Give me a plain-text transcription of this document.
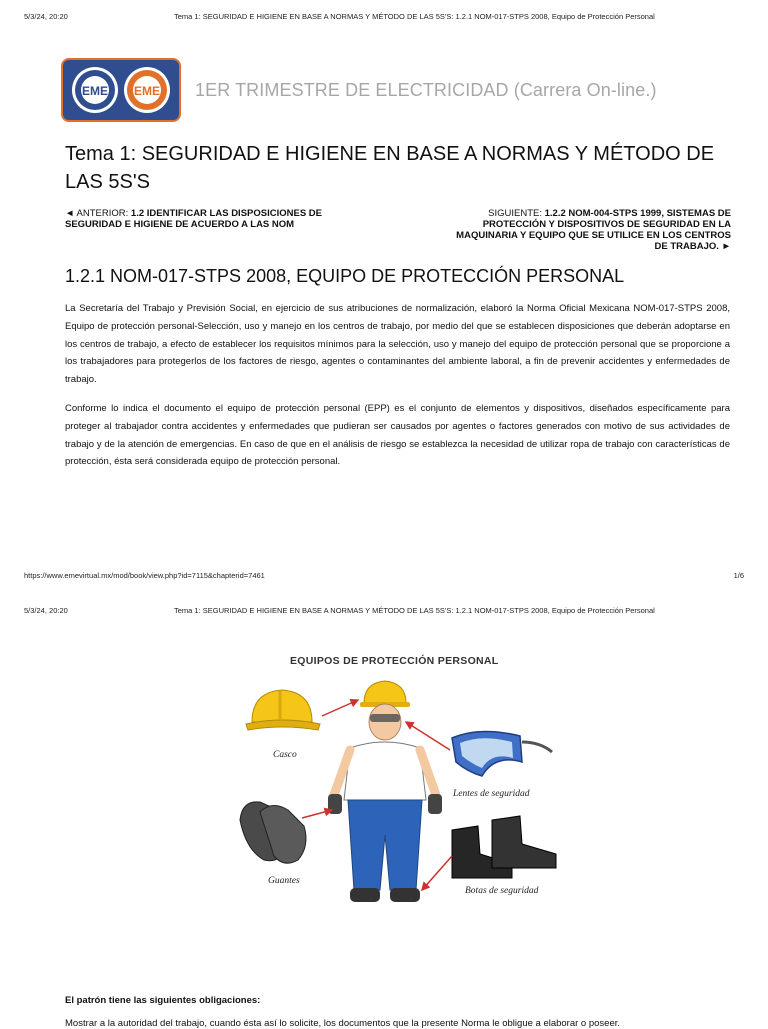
5/3/24, 20:20	Tema 1: SEGURIDAD E HIGIENE EN BASE A NORMAS Y MÉTODO DE LAS 5S'S: 1.2.1 NOM-017-STPS 2008, Equipo de Protección Personal
EME EME 1ER TRIMESTRE DE ELECTRICIDAD (Carrera On-line.)
Tema 1: SEGURIDAD E HIGIENE EN BASE A NORMAS Y MÉTODO DE LAS 5S'S
◄ ANTERIOR: 1.2 IDENTIFICAR LAS DISPOSICIONES DE SEGURIDAD E HIGIENE DE ACUERDO A LAS NOM
SIGUIENTE: 1.2.2 NOM-004-STPS 1999, SISTEMAS DE PROTECCIÓN Y DISPOSITIVOS DE SEGURIDAD EN LA MAQUINARIA Y EQUIPO QUE SE UTILICE EN LOS CENTROS DE TRABAJO. ►
1.2.1 NOM-017-STPS 2008, EQUIPO DE PROTECCIÓN PERSONAL

La Secretaría del Trabajo y Previsión Social, en ejercicio de sus atribuciones de normalización, elaboró la Norma Oficial Mexicana NOM-017-STPS 2008, Equipo de protección personal-Selección, uso y manejo en los centros de trabajo, por medio del que se establecen disposiciones que deberán adoptarse en los centros de trabajo, a efecto de establecer los requisitos mínimos para la selección, uso y manejo del equipo de protección personal que se proporcione a los trabajadores para protegerlos de los factores de riesgo, agentes o contaminantes del ambiente laboral, a fin de prevenir accidentes y enfermedades de trabajo.

Conforme lo indica el documento el equipo de protección personal (EPP) es el conjunto de elementos y dispositivos, diseñados específicamente para proteger al trabajador contra accidentes y enfermedades que pudieran ser causados por agentes o factores generados con motivo de sus actividades de trabajo y de la atención de emergencias. En caso de que en el análisis de riesgo se establezca la necesidad de utilizar ropa de trabajo con características de protección, ésta será considerada equipo de protección personal.

https://www.emevirtual.mx/mod/book/view.php?id=7115&chapterid=7461	1/6
5/3/24, 20:20	Tema 1: SEGURIDAD E HIGIENE EN BASE A NORMAS Y MÉTODO DE LAS 5S'S: 1.2.1 NOM-017-STPS 2008, Equipo de Protección Personal
EQUIPOS DE PROTECCIÓN PERSONAL
Casco
Lentes de seguridad
Guantes
Botas de seguridad
El patrón tiene las siguientes obligaciones:
Mostrar a la autoridad del trabajo, cuando ésta así lo solicite, los documentos que la presente Norma le obligue a elaborar o poseer.
